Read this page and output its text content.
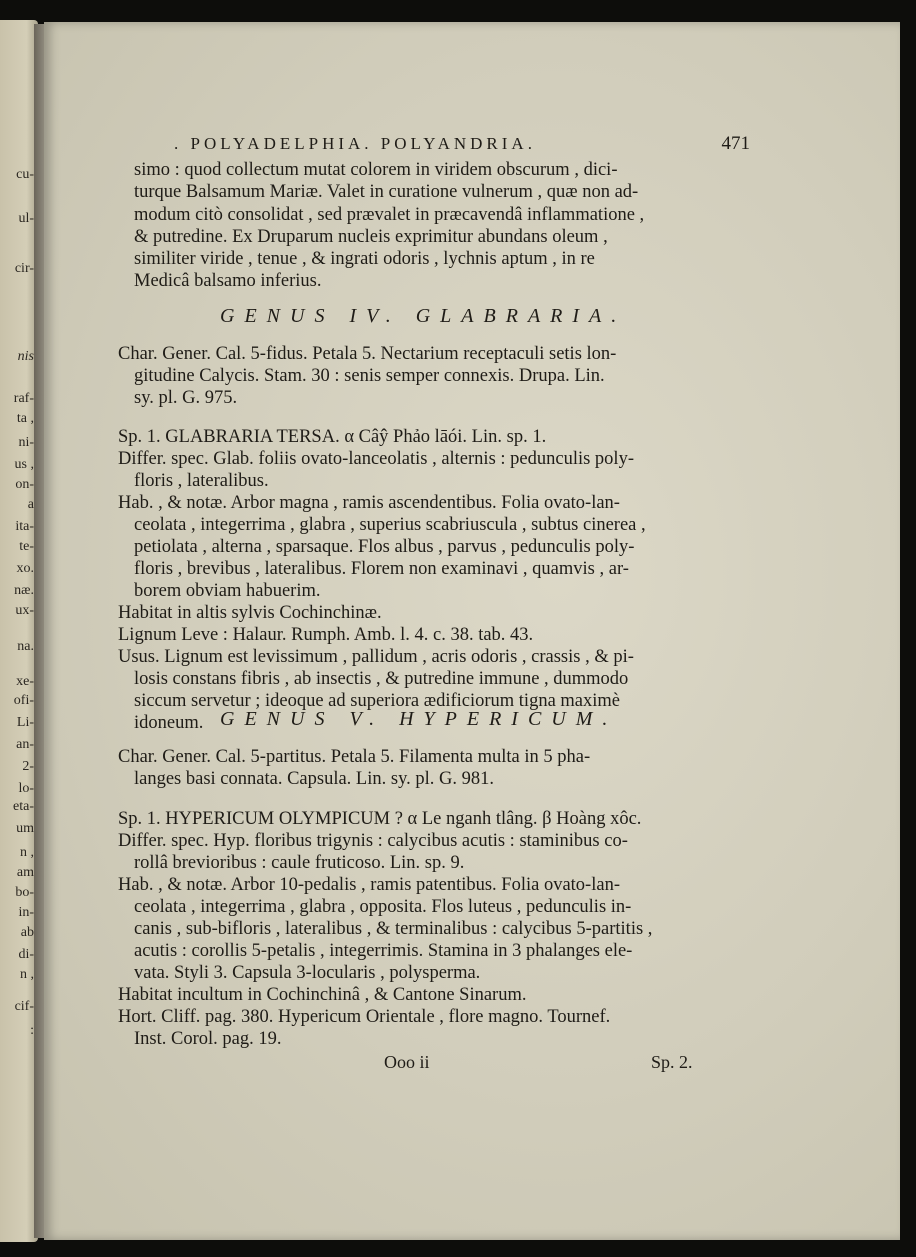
cu-
ul-
cir-
nis
raf-
ta ,
ni-
us ,
on-
a
ita-
te-
xo.
næ.
ux-
na.
xe-
ofi-
Li-
an-
2-
lo-
eta-
um
n ,
am
bo-
in-
ab
di-
n ,
cif-
:
. POLYADELPHIA. POLYANDRIA.	471
simo : quod collectum mutat colorem in viridem obscurum , dici-
turque Balsamum Mariæ. Valet in curatione vulnerum , quæ non ad-
modum citò consolidat , sed prævalet in præcavendâ inflammatione ,
& putredine. Ex Druparum nucleis exprimitur abundans oleum ,
similiter viride , tenue , & ingrati odoris , lychnis aptum , in re
Medicâ balsamo inferius.
GENUS IV. GLABRARIA.
Char. Gener. Cal. 5-fidus. Petala 5. Nectarium receptaculi setis lon-
gitudine Calycis. Stam. 30 : senis semper connexis. Drupa. Lin.
sy. pl. G. 975.
Sp. 1. GLABRARIA TERSA. α Câŷ Phảo lāói. Lin. sp. 1.
Differ. spec. Glab. foliis ovato-lanceolatis , alternis : pedunculis poly-
floris , lateralibus.
Hab. , & notæ. Arbor magna , ramis ascendentibus. Folia ovato-lan-
ceolata , integerrima , glabra , superius scabriuscula , subtus cinerea ,
petiolata , alterna , sparsaque. Flos albus , parvus , pedunculis poly-
floris , brevibus , lateralibus. Florem non examinavi , quamvis , ar-
borem obviam habuerim.
Habitat in altis sylvis Cochinchinæ.
Lignum Leve : Halaur. Rumph. Amb. l. 4. c. 38. tab. 43.
Usus. Lignum est levissimum , pallidum , acris odoris , crassis , & pi-
losis constans fibris , ab insectis , & putredine immune , dummodo
siccum servetur ; ideoque ad superiora ædificiorum tigna maximè
idoneum. GENUS V. HYPERICUM.
Char. Gener. Cal. 5-partitus. Petala 5. Filamenta multa in 5 pha-
langes basi connata. Capsula. Lin. sy. pl. G. 981.
Sp. 1. HYPERICUM OLYMPICUM ? α Le nganh tlâng. β Hoàng xôc.
Differ. spec. Hyp. floribus trigynis : calycibus acutis : staminibus co-
rollâ brevioribus : caule fruticoso. Lin. sp. 9.
Hab. , & notæ. Arbor 10-pedalis , ramis patentibus. Folia ovato-lan-
ceolata , integerrima , glabra , opposita. Flos luteus , pedunculis in-
canis , sub-bifloris , lateralibus , & terminalibus : calycibus 5-partitis ,
acutis : corollis 5-petalis , integerrimis. Stamina in 3 phalanges ele-
vata. Styli 3. Capsula 3-locularis , polysperma.
Habitat incultum in Cochinchinâ , & Cantone Sinarum.
Hort. Cliff. pag. 380. Hypericum Orientale , flore magno. Tournef.
Inst. Corol. pag. 19.
Ooo ii	Sp. 2.
